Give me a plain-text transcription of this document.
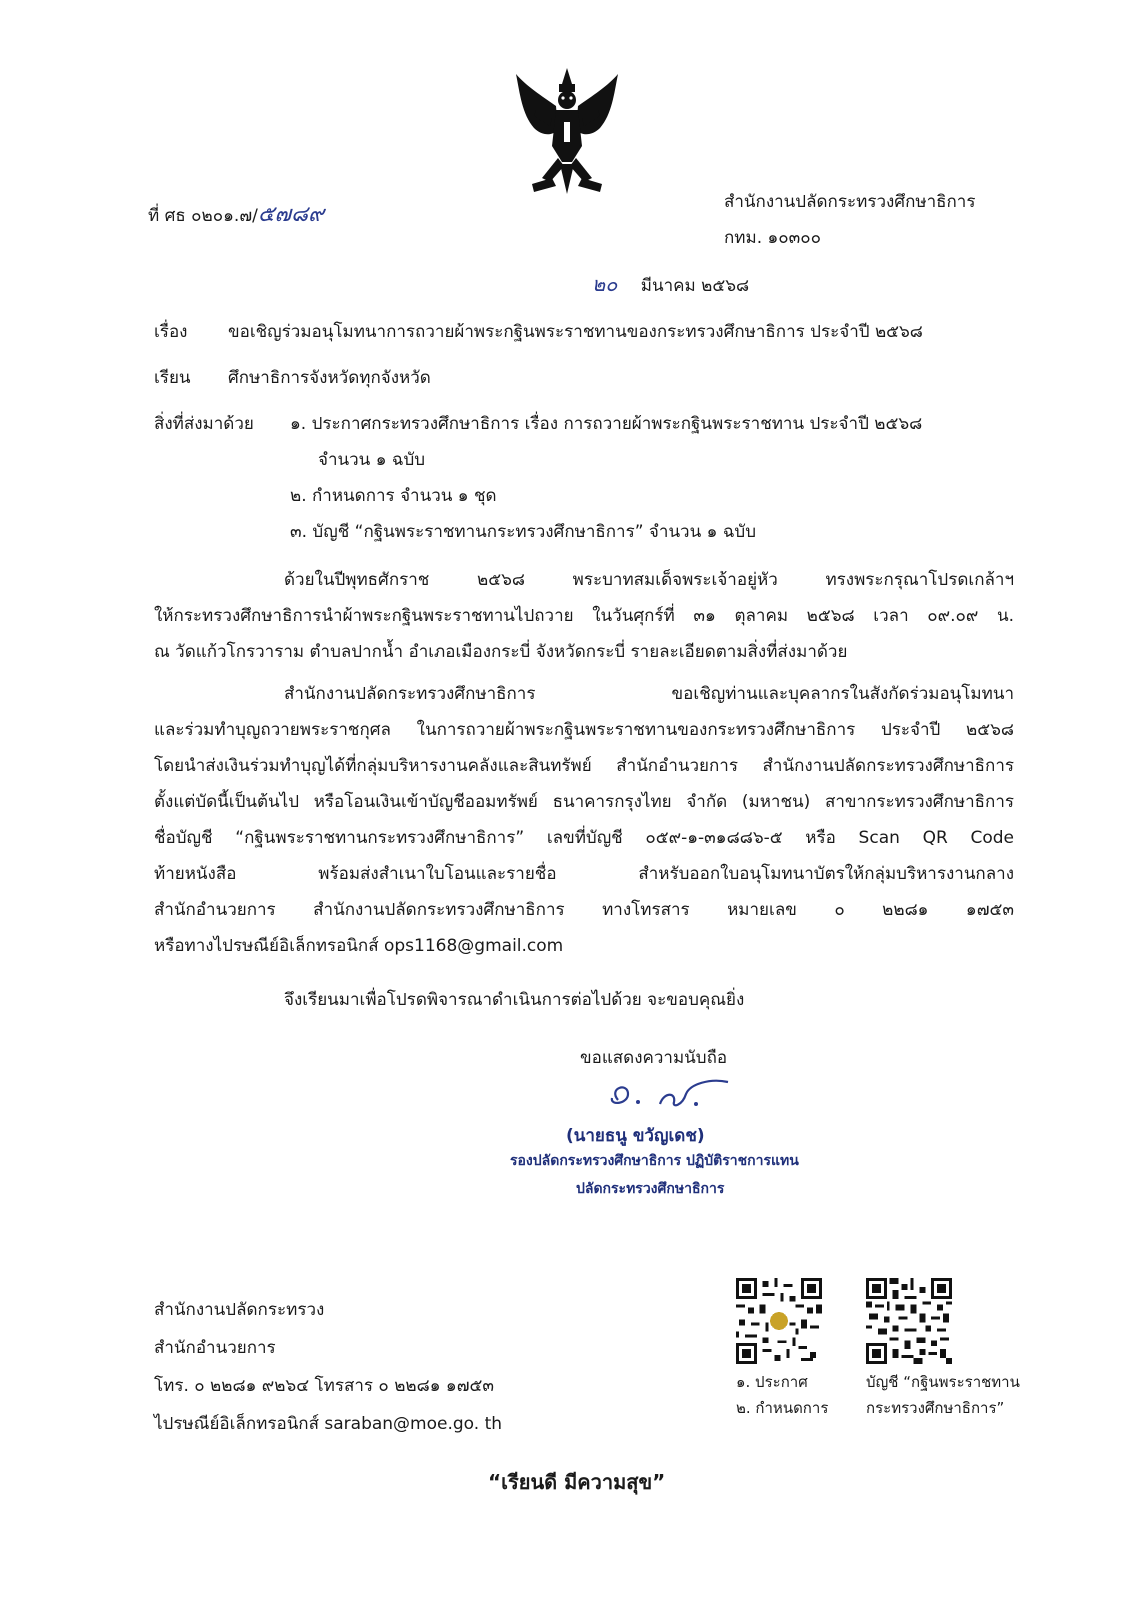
ที่ ศธ ๐๒๐๑.๗/๕๗๘๙	สำนักงานปลัดกระทรวงศึกษาธิการ
กทม. ๑๐๓๐๐
๒๐ มีนาคม ๒๕๖๘
เรื่อง ขอเชิญร่วมอนุโมทนาการถวายผ้าพระกฐินพระราชทานของกระทรวงศึกษาธิการ ประจำปี ๒๕๖๘
เรียน ศึกษาธิการจังหวัดทุกจังหวัด
สิ่งที่ส่งมาด้วย ๑. ประกาศกระทรวงศึกษาธิการ เรื่อง การถวายผ้าพระกฐินพระราชทาน ประจำปี ๒๕๖๘
จำนวน ๑ ฉบับ
๒. กำหนดการ จำนวน ๑ ชุด
๓. บัญชี “กฐินพระราชทานกระทรวงศึกษาธิการ” จำนวน ๑ ฉบับ
ด้วยในปีพุทธศักราช ๒๕๖๘ พระบาทสมเด็จพระเจ้าอยู่หัว ทรงพระกรุณาโปรดเกล้าฯ
ให้กระทรวงศึกษาธิการนำผ้าพระกฐินพระราชทานไปถวาย ในวันศุกร์ที่ ๓๑ ตุลาคม ๒๕๖๘ เวลา ๐๙.๐๙ น.
ณ วัดแก้วโกรวาราม ตำบลปากน้ำ อำเภอเมืองกระบี่ จังหวัดกระบี่ รายละเอียดตามสิ่งที่ส่งมาด้วย
สำนักงานปลัดกระทรวงศึกษาธิการ ขอเชิญท่านและบุคลากรในสังกัดร่วมอนุโมทนา
และร่วมทำบุญถวายพระราชกุศล ในการถวายผ้าพระกฐินพระราชทานของกระทรวงศึกษาธิการ ประจำปี ๒๕๖๘
โดยนำส่งเงินร่วมทำบุญได้ที่กลุ่มบริหารงานคลังและสินทรัพย์ สำนักอำนวยการ สำนักงานปลัดกระทรวงศึกษาธิการ
ตั้งแต่บัดนี้เป็นต้นไป หรือโอนเงินเข้าบัญชีออมทรัพย์ ธนาคารกรุงไทย จำกัด (มหาชน) สาขากระทรวงศึกษาธิการ
ชื่อบัญชี “กฐินพระราชทานกระทรวงศึกษาธิการ” เลขที่บัญชี ๐๕๙-๑-๓๑๘๘๖-๕ หรือ Scan QR Code
ท้ายหนังสือ พร้อมส่งสำเนาใบโอนและรายชื่อ สำหรับออกใบอนุโมทนาบัตรให้กลุ่มบริหารงานกลาง
สำนักอำนวยการ สำนักงานปลัดกระทรวงศึกษาธิการ ทางโทรสาร หมายเลข ๐ ๒๒๘๑ ๑๗๕๓
หรือทางไปรษณีย์อิเล็กทรอนิกส์ ops1168@gmail.com
จึงเรียนมาเพื่อโปรดพิจารณาดำเนินการต่อไปด้วย จะขอบคุณยิ่ง
ขอแสดงความนับถือ
(นายธนู ขวัญเดช)
รองปลัดกระทรวงศึกษาธิการ ปฏิบัติราชการแทน
ปลัดกระทรวงศึกษาธิการ
สำนักงานปลัดกระทรวง
สำนักอำนวยการ
โทร. ๐ ๒๒๘๑ ๙๒๖๔ โทรสาร ๐ ๒๒๘๑ ๑๗๕๓
ไปรษณีย์อิเล็กทรอนิกส์ saraban@moe.go. th
๑. ประกาศ
๒. กำหนดการ
บัญชี “กฐินพระราชทาน
กระทรวงศึกษาธิการ”
“เรียนดี มีความสุข”
